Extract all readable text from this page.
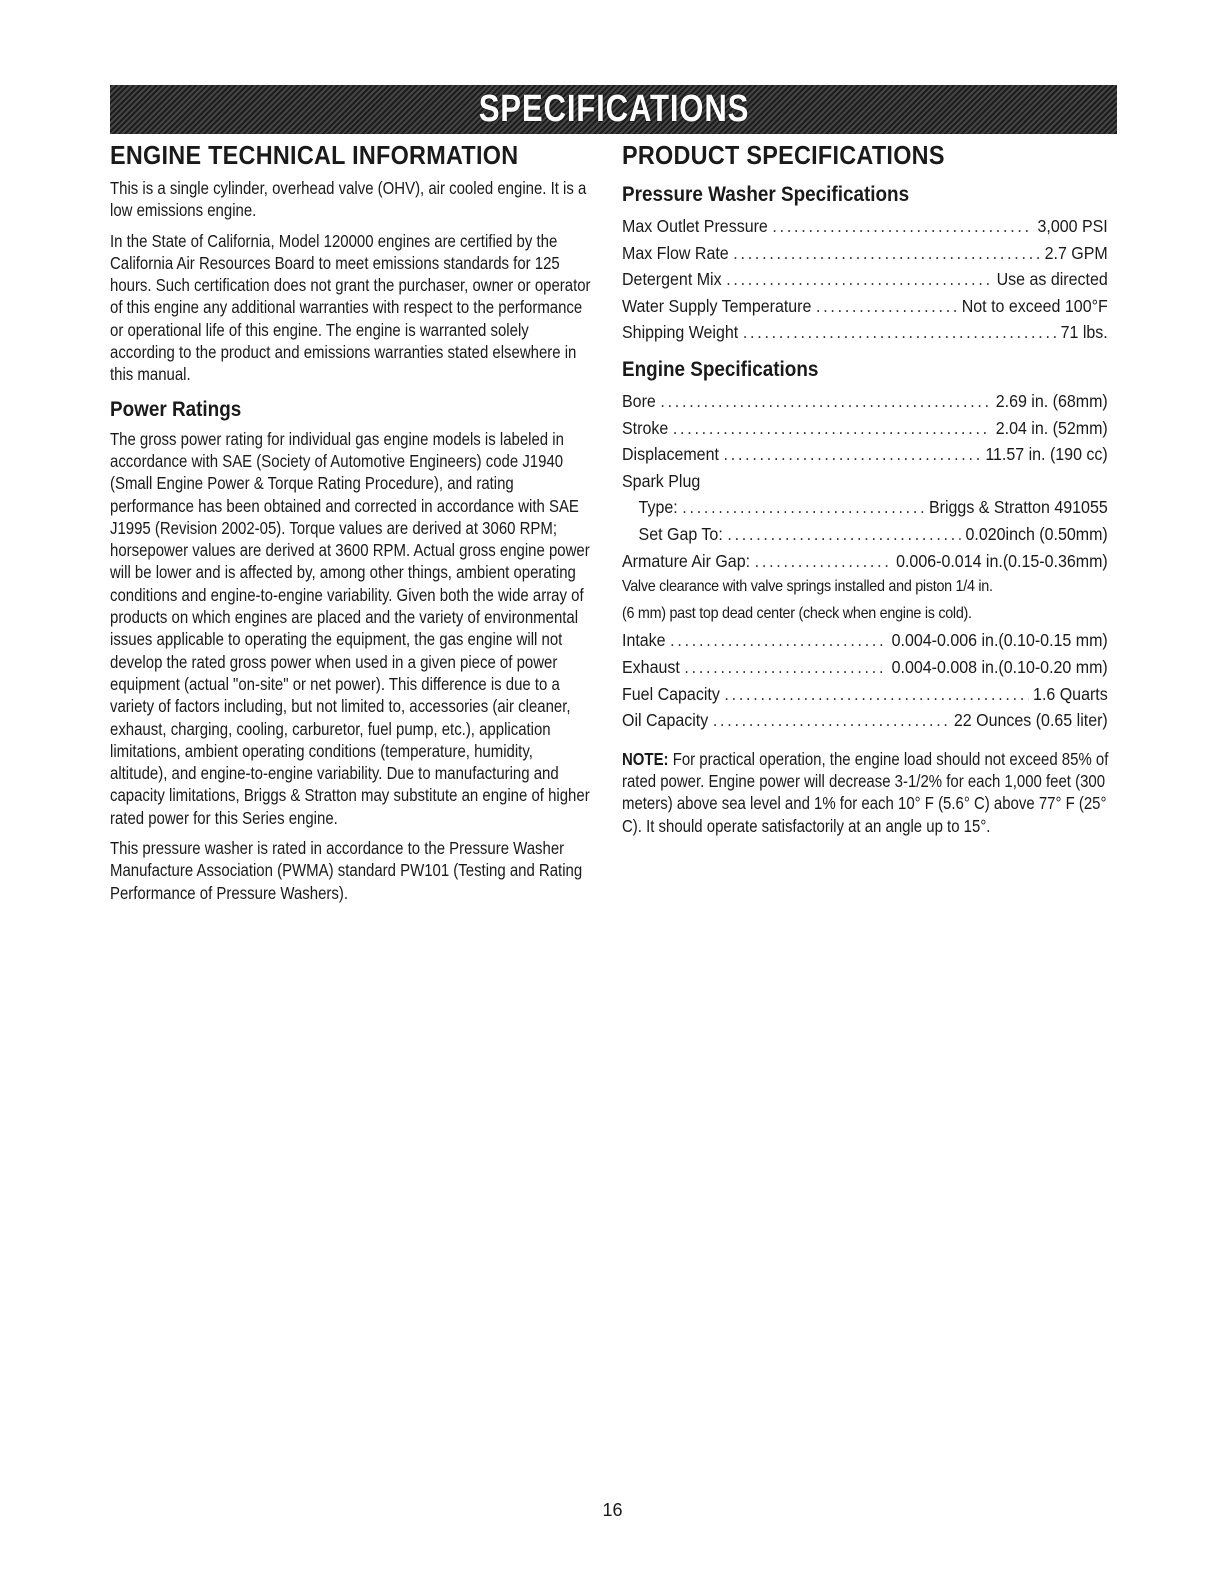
SPECIFICATIONS
ENGINE TECHNICAL INFORMATION

This is a single cylinder, overhead valve (OHV), air cooled engine. It is a low emissions engine.

In the State of California, Model 120000 engines are certified by the California Air Resources Board to meet emissions standards for 125 hours. Such certification does not grant the purchaser, owner or operator of this engine any additional warranties with respect to the performance or operational life of this engine. The engine is warranted solely according to the product and emissions warranties stated elsewhere in this manual.

Power Ratings

The gross power rating for individual gas engine models is labeled in accordance with SAE (Society of Automotive Engineers) code J1940 (Small Engine Power & Torque Rating Procedure), and rating performance has been obtained and corrected in accordance with SAE J1995 (Revision 2002-05). Torque values are derived at 3060 RPM; horsepower values are derived at 3600 RPM. Actual gross engine power will be lower and is affected by, among other things, ambient operating conditions and engine-to-engine variability. Given both the wide array of products on which engines are placed and the variety of environmental issues applicable to operating the equipment, the gas engine will not develop the rated gross power when used in a given piece of power equipment (actual "on-site" or net power). This difference is due to a variety of factors including, but not limited to, accessories (air cleaner, exhaust, charging, cooling, carburetor, fuel pump, etc.), application limitations, ambient operating conditions (temperature, humidity, altitude), and engine-to-engine variability. Due to manufacturing and capacity limitations, Briggs & Stratton may substitute an engine of higher rated power for this Series engine.

This pressure washer is rated in accordance to the Pressure Washer Manufacture Association (PWMA) standard PW101 (Testing and Rating Performance of Pressure Washers).

PRODUCT SPECIFICATIONS
Pressure Washer Specifications
Max Outlet Pressure .....	3,000 PSI
Max Flow Rate .....	2.7 GPM
Detergent Mix .....	Use as directed
Water Supply Temperature .....	Not to exceed 100°F
Shipping Weight .....	71 lbs.
Engine Specifications
Bore .....	2.69 in. (68mm)
Stroke .....	2.04 in. (52mm)
Displacement .....	11.57 in. (190 cc)
Spark Plug
Type: .....	Briggs & Stratton 491055
Set Gap To: .....	0.020inch (0.50mm)
Armature Air Gap: .....	0.006-0.014 in.(0.15-0.36mm)
Valve clearance with valve springs installed and piston 1/4 in.
(6 mm) past top dead center (check when engine is cold).
Intake .....	0.004-0.006 in.(0.10-0.15 mm)
Exhaust .....	0.004-0.008 in.(0.10-0.20 mm)
Fuel Capacity .....	1.6 Quarts
Oil Capacity .....	22 Ounces (0.65 liter)
NOTE: For practical operation, the engine load should not exceed 85% of rated power. Engine power will decrease 3-1/2% for each 1,000 feet (300 meters) above sea level and 1% for each 10° F (5.6° C) above 77° F (25° C). It should operate satisfactorily at an angle up to 15°.
16
